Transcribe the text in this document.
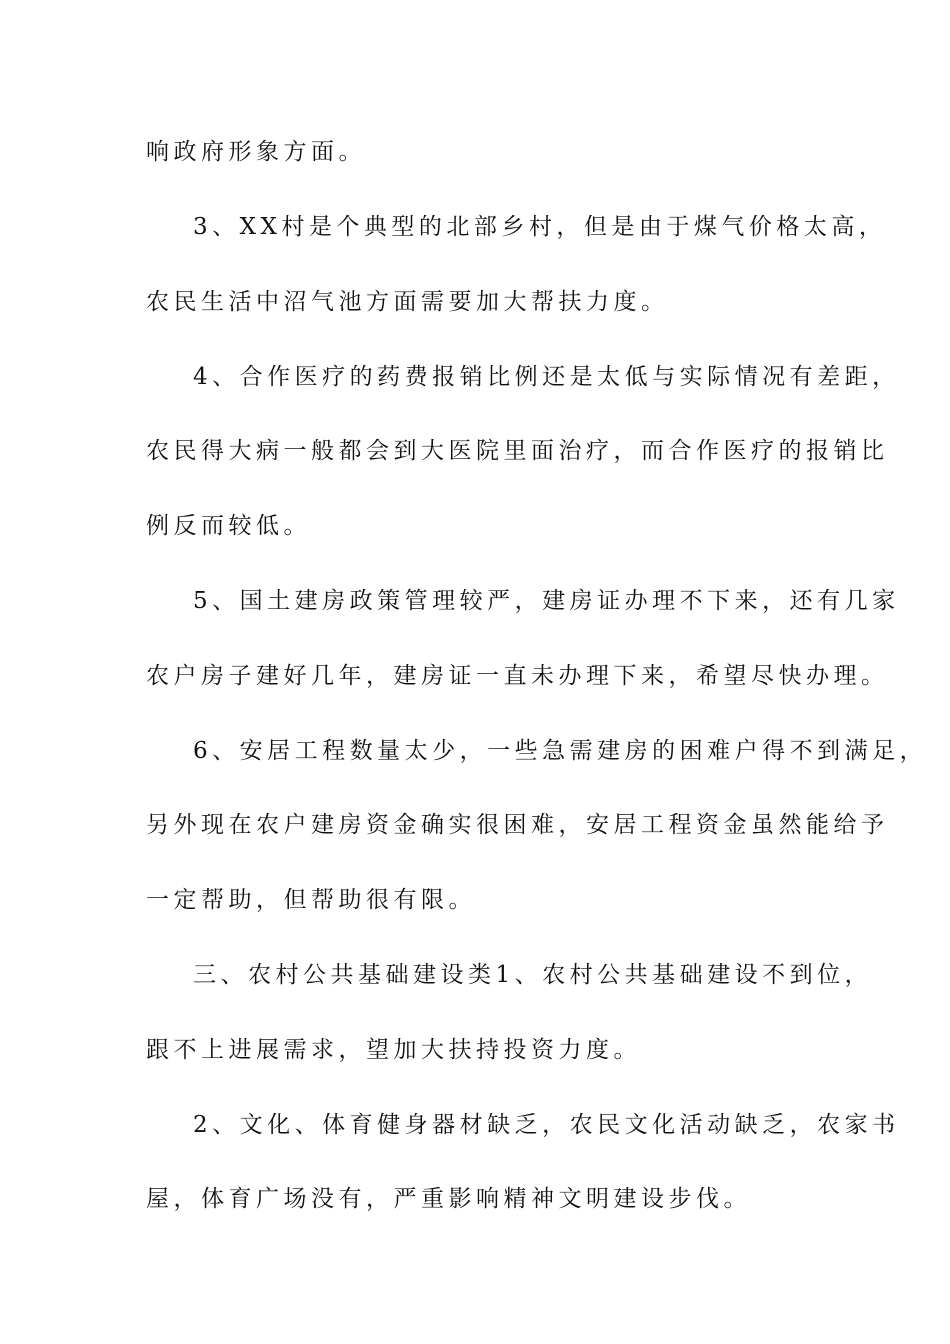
响政府形象方面。
3、XX村是个典型的北部乡村，但是由于煤气价格太高，
农民生活中沼气池方面需要加大帮扶力度。
4、合作医疗的药费报销比例还是太低与实际情况有差距，
农民得大病一般都会到大医院里面治疗，而合作医疗的报销比
例反而较低。
5、国土建房政策管理较严，建房证办理不下来，还有几家
农户房子建好几年，建房证一直未办理下来，希望尽快办理。
6、安居工程数量太少，一些急需建房的困难户得不到满足，
另外现在农户建房资金确实很困难，安居工程资金虽然能给予
一定帮助，但帮助很有限。
三、农村公共基础建设类1、农村公共基础建设不到位，
跟不上进展需求，望加大扶持投资力度。
2、文化、体育健身器材缺乏，农民文化活动缺乏，农家书
屋，体育广场没有，严重影响精神文明建设步伐。
